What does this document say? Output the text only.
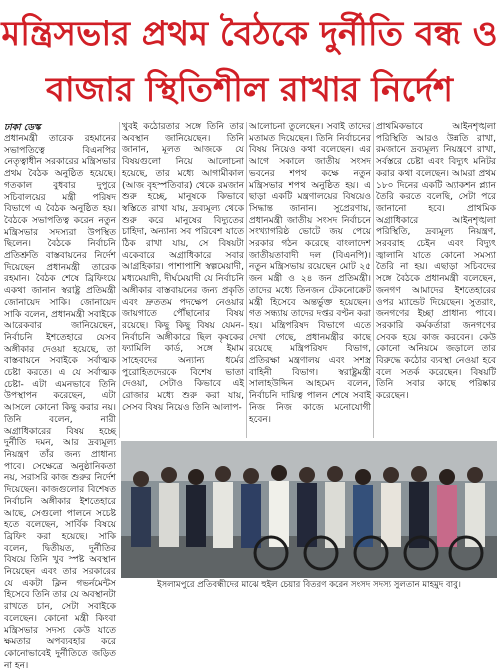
মন্ত্রিসভার প্রথম বৈঠকে দুর্নীতি বন্ধ ও
বাজার স্থিতিশীল রাখার নির্দেশ
ঢাকা ডেস্ক

প্রধানমন্ত্রী তারেক রহমানের সভাপতিত্বে বিএনপির নেতৃত্বাধীন সরকারের মন্ত্রিসভার প্রথম বৈঠক অনুষ্ঠিত হয়েছে। গতকাল বুধবার দুপুরে সচিবালয়ের মন্ত্রী পরিষদ বিভাগে এ বৈঠক অনুষ্ঠিত হয়। বৈঠকে সভাপতিত্ব করেন নতুন মন্ত্রিসভার সদস্যরা উপস্থিত ছিলেন। বৈঠকে নির্বাচনি প্রতিশ্রুতি বাস্তবায়নের নির্দেশ দিয়েছেন প্রধানমন্ত্রী তারেক রহমান। বৈঠক শেষে ব্রিফিংয়ে একথা জানান স্বরাষ্ট্র প্রতিমন্ত্রী জোনায়েদ সাকি। জোনায়েদ সাকি বলেন, প্রধানমন্ত্রী সবাইকে আরেকবার জানিয়েছেন, নির্বাচনি ইশতেহারে যেসব অঙ্গীকার দেওয়া হয়েছে, তা বাস্তবায়নে সবাইকে সর্বাত্মক চেষ্টা করতে। এ যে সর্বাত্মক চেষ্টা- এটা এমনভাবে তিনি উপস্থাপন করেছেন, এটা আসলে কোনো কিছু করার নয়। তিনি বলেন, নারী অগ্রাধিকারের বিষয় হচ্ছে দুর্নীতি দমন, আর দ্রব্যমূল্য নিয়ন্ত্রণ তাঁর জন্য প্রাধান্য পাবে। সেক্ষেত্রে অনুষ্ঠানিকতা নয়, সরাসরি কাজ শুরুর নির্দেশ দিয়েছেন। কাজগুলোর বিশেষত নির্বাচনি অঙ্গীকার ইশতেহারে আছে, সেগুলো পালনে সচেষ্ট হতে বলেছেন, সার্বিক বিষয়ে ব্রিফিং করা হয়েছে। সাকি বলেন, দ্বিতীয়ত, দুর্নীতির বিষয়ে তিনি খুব স্পষ্ট অবস্থান নিয়েছেন এবং তার সরকারের যে একটা ক্লিন গভর্নমেন্টস হিসেবে তিনি তার যে অবস্থানটা রাখতে চান, সেটা সবাইকে বলেছেন। কোনো মন্ত্রী কিংবা মন্ত্রিসভার সদস্য কেউ যাতে ক্ষমতার অপব্যবহার করে কোনোভাবেই দুর্নীতিতে জড়িত না হন।

খুবই কঠোরতার সঙ্গে তিনি তার অবস্থান জানিয়েছেন। তিনি জানান, মূলত আজকে যে বিষয়গুলো নিয়ে আলোচনা হয়েছে, তার মধ্যে আগামীকাল (আজ বৃহস্পতিবার) থেকে রমজান শুরু হচ্ছে, মানুষকে কিভাবে স্বস্তিতে রাখা যায়, দ্রব্যমূল্য থেকে শুরু করে মানুষের বিদ্যুতের চাহিদা, অন্যান্য সব পরিবেশ যাতে ঠিক রাখা যায়, সে বিষয়টা একেবারে অগ্রাধিকারে সবার আগ্রহিকার। পাশাপাশি স্বল্পমেয়াদী, মধ্যমেয়াদী, দীর্ঘমেয়াদী যে নির্বাচনি অঙ্গীকার বাস্তবায়নের জন্য প্রকৃতি এবং দ্রুততম পদক্ষেপ নেওয়ার জায়গাতে পৌঁছানোর বিষয় রয়েছে। কিছু কিছু বিষয় যেমন- নির্বাচনি অঙ্গীকারে ছিল কৃষকের ফ্যামিলি কার্ড, সঙ্গে ইমাম সাহেবদের অন্যান্য ধর্মের পুরোহিতদেরকে বিশেষ ভাতা দেওয়া, সেটাও কিভাবে এই রোজার মধ্যে শুরু করা যায়, সেসব বিষয় নিয়েও তিনি আলাপ-

আলোচনা তুলেছেন। সবাই তাদের মতামত দিয়েছেন। তিনি নির্বাচনের বিষয় নিয়েও কথা বলেছেন। এর আগে সকালে জাতীয় সংসদ ভবনের শপথ কক্ষে নতুন মন্ত্রিসভার শপথ অনুষ্ঠিত হয়। এ ছাড়া একটি মন্ত্রণালয়ের বিষয়েও সিদ্ধান্ত জানান। সুপ্রেরণায়, প্রধানমন্ত্রী জাতীয় সংসদ নির্বাচনে সংখ্যাগরিষ্ঠ ভোটে জয় পেয়ে সরকার গঠন করেছে বাংলাদেশ জাতীয়তাবাদী দল (বিএনপি)। নতুন মন্ত্রিসভায় রয়েছেন মোট ২৫ জন মন্ত্রী ও ২৪ জন প্রতিমন্ত্রী। তাদের মধ্যে তিনজন টেকনোক্রেট মন্ত্রী হিসেবে অন্তর্ভুক্ত হয়েছেন। গত সন্ধ্যায় তাদের দপ্তর বণ্টন করা হয়। মন্ত্রিপরিষদ বিভাগে এতে দেখা গেছে, প্রধানমন্ত্রীর কাছে রয়েছে মন্ত্রিপরিষদ বিভাগ, প্রতিরক্ষা মন্ত্রণালয় এবং সশস্ত্র বাহিনী বিভাগ। স্বরাষ্ট্রমন্ত্রী সালাহউদ্দিন আহমেদ বলেন, নির্বাচনি দায়িত্ব পালন শেষে সবাই নিজ নিজ কাজে মনোযোগী হবেন।

প্রাথমিকভাবে আইনশৃঙ্খলা পরিস্থিতি আরও উন্নতি রাখা, রমজানে দ্রব্যমূল্য নিয়ন্ত্রণে রাখা, সর্বস্তরে চেষ্টা এবং বিদ্যুৎ মনিটর করার কথা বলেছেন। আমরা প্রথম ১৮০ দিনের একটি অ্যাকশন প্ল্যান তৈরি করতে বলেছি, সেটা পরে জানানো হবে। প্রাথমিক অগ্রাধিকারে আইনশৃঙ্খলা পরিস্থিতি, দ্রব্যমূল্য নিয়ন্ত্রণ, সরবরাহ চেইন এবং বিদ্যুৎ জ্বালানি যাতে কোনো সমস্যা তৈরি না হয়। এছাড়া সচিবদের সঙ্গে বৈঠকে প্রধানমন্ত্রী বলেছেন, জনগণ আমাদের ইশতেহারের ওপর ম্যান্ডেট দিয়েছেন। সুতরাং, জনগণের ইচ্ছা প্রাধান্য পাবে। সরকারি কর্মকর্তারা জনগণের সেবক হয়ে কাজ করবেন। কেউ কোনো অনিয়মে জড়ালে তার বিরুদ্ধে কঠোর ব্যবস্থা নেওয়া হবে বলে সতর্ক করেছেন। বিষয়টি তিনি সবার কাছে পরিষ্কার করেছেন।

ইসলামপুরে প্রতিবন্ধীদের মাঝে হুইল চেয়ার বিতরণ করেন সংসদ সদস্য সুলতান মাহমুদ বাবু।
